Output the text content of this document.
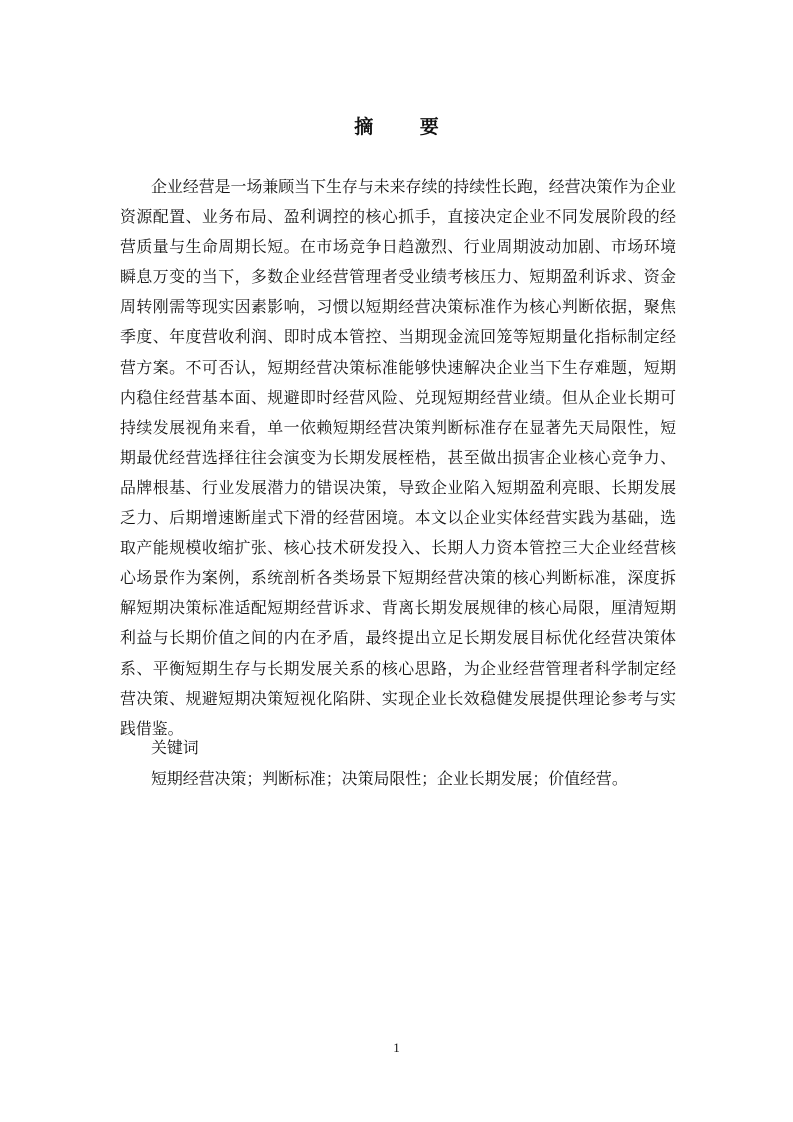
摘 要

企业经营是一场兼顾当下生存与未来存续的持续性长跑，经营决策作为企业资源配置、业务布局、盈利调控的核心抓手，直接决定企业不同发展阶段的经营质量与生命周期长短。在市场竞争日趋激烈、行业周期波动加剧、市场环境瞬息万变的当下，多数企业经营管理者受业绩考核压力、短期盈利诉求、资金周转刚需等现实因素影响，习惯以短期经营决策标准作为核心判断依据，聚焦季度、年度营收利润、即时成本管控、当期现金流回笼等短期量化指标制定经营方案。不可否认，短期经营决策标准能够快速解决企业当下生存难题，短期内稳住经营基本面、规避即时经营风险、兑现短期经营业绩。但从企业长期可持续发展视角来看，单一依赖短期经营决策判断标准存在显著先天局限性，短期最优经营选择往往会演变为长期发展桎梏，甚至做出损害企业核心竞争力、品牌根基、行业发展潜力的错误决策，导致企业陷入短期盈利亮眼、长期发展乏力、后期增速断崖式下滑的经营困境。本文以企业实体经营实践为基础，选取产能规模收缩扩张、核心技术研发投入、长期人力资本管控三大企业经营核心场景作为案例，系统剖析各类场景下短期经营决策的核心判断标准，深度拆解短期决策标准适配短期经营诉求、背离长期发展规律的核心局限，厘清短期利益与长期价值之间的内在矛盾，最终提出立足长期发展目标优化经营决策体系、平衡短期生存与长期发展关系的核心思路，为企业经营管理者科学制定经营决策、规避短期决策短视化陷阱、实现企业长效稳健发展提供理论参考与实践借鉴。

关键词
短期经营决策；判断标准；决策局限性；企业长期发展；价值经营。
1
